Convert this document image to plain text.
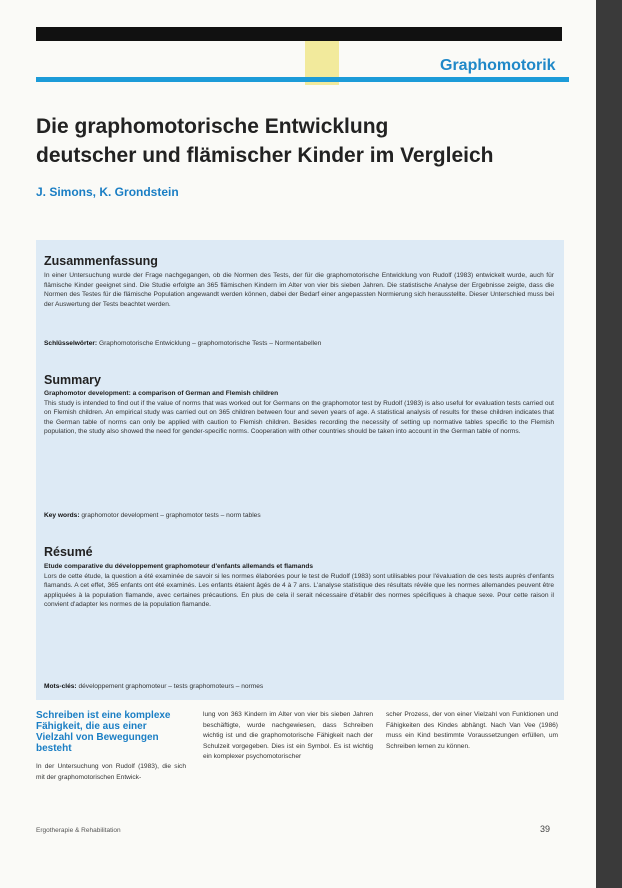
Graphomotorik
Die graphomotorische Entwicklung
deutscher und flämischer Kinder im Vergleich
J. Simons, K. Grondstein
Zusammenfassung
In einer Untersuchung wurde der Frage nachgegangen, ob die Normen des Tests, der für die graphomotorische Entwicklung von Rudolf (1983) entwickelt wurde, auch für flämische Kinder geeignet sind. Die Studie erfolgte an 365 flämischen Kindern im Alter von vier bis sieben Jahren. Die statistische Analyse der Ergebnisse zeigte, dass die Normen des Testes für die flämische Population angewandt werden können, dabei der Bedarf einer angepassten Normierung sich herausstellte. Dieser Unterschied muss bei der Auswertung der Tests beachtet werden.
Schlüsselwörter: Graphomotorische Entwicklung – graphomotorische Tests – Normentabellen
Summary
Graphomotor development: a comparison of German and Flemish children
This study is intended to find out if the value of norms that was worked out for Germans on the graphomotor test by Rudolf (1983) is also useful for evaluation tests carried out on Flemish children. An empirical study was carried out on 365 children between four and seven years of age. A statistical analysis of results for these children indicates that the German table of norms can only be applied with caution to Flemish children. Besides recording the necessity of setting up normative tables specific to the Flemish population, the study also showed the need for gender-specific norms. Cooperation with other countries should be taken into account in the German table of norms.
Key words: graphomotor development – graphomotor tests – norm tables
Résumé
Etude comparative du développement graphomoteur d'enfants allemands et flamands
Lors de cette étude, la question a été examinée de savoir si les normes élaborées pour le test de Rudolf (1983) sont utilisables pour l'évaluation de ces tests auprès d'enfants flamands. A cet effet, 365 enfants ont été examinés. Les enfants étaient âgés de 4 à 7 ans. L'analyse statistique des résultats révèle que les normes allemandes peuvent être appliquées à la population flamande, avec certaines précautions. En plus de cela il serait nécessaire d'établir des normes spécifiques à chaque sexe. Pour cette raison il convient d'adapter les normes de la population flamande.
Mots-clés: développement graphomoteur – tests graphomoteurs – normes
Schreiben ist eine komplexe Fähigkeit, die aus einer Vielzahl von Bewegungen besteht
In der Untersuchung von Rudolf (1983), die sich mit der graphomotorischen Entwick-
lung von 363 Kindern im Alter von vier bis sieben Jahren beschäftigte, wurde nachgewiesen, dass Schreiben wichtig ist und die graphomotorische Fähigkeit nach der Schulzeit vorgegeben. Dies ist ein Symbol. Es ist wichtig ein komplexer psychomotorischer
scher Prozess, der von einer Vielzahl von Funktionen und Fähigkeiten des Kindes abhängt. Nach Van Vee (1986) muss ein Kind bestimmte Voraussetzungen erfüllen, um Schreiben lernen zu können.
Ergotherapie & Rehabilitation	39
